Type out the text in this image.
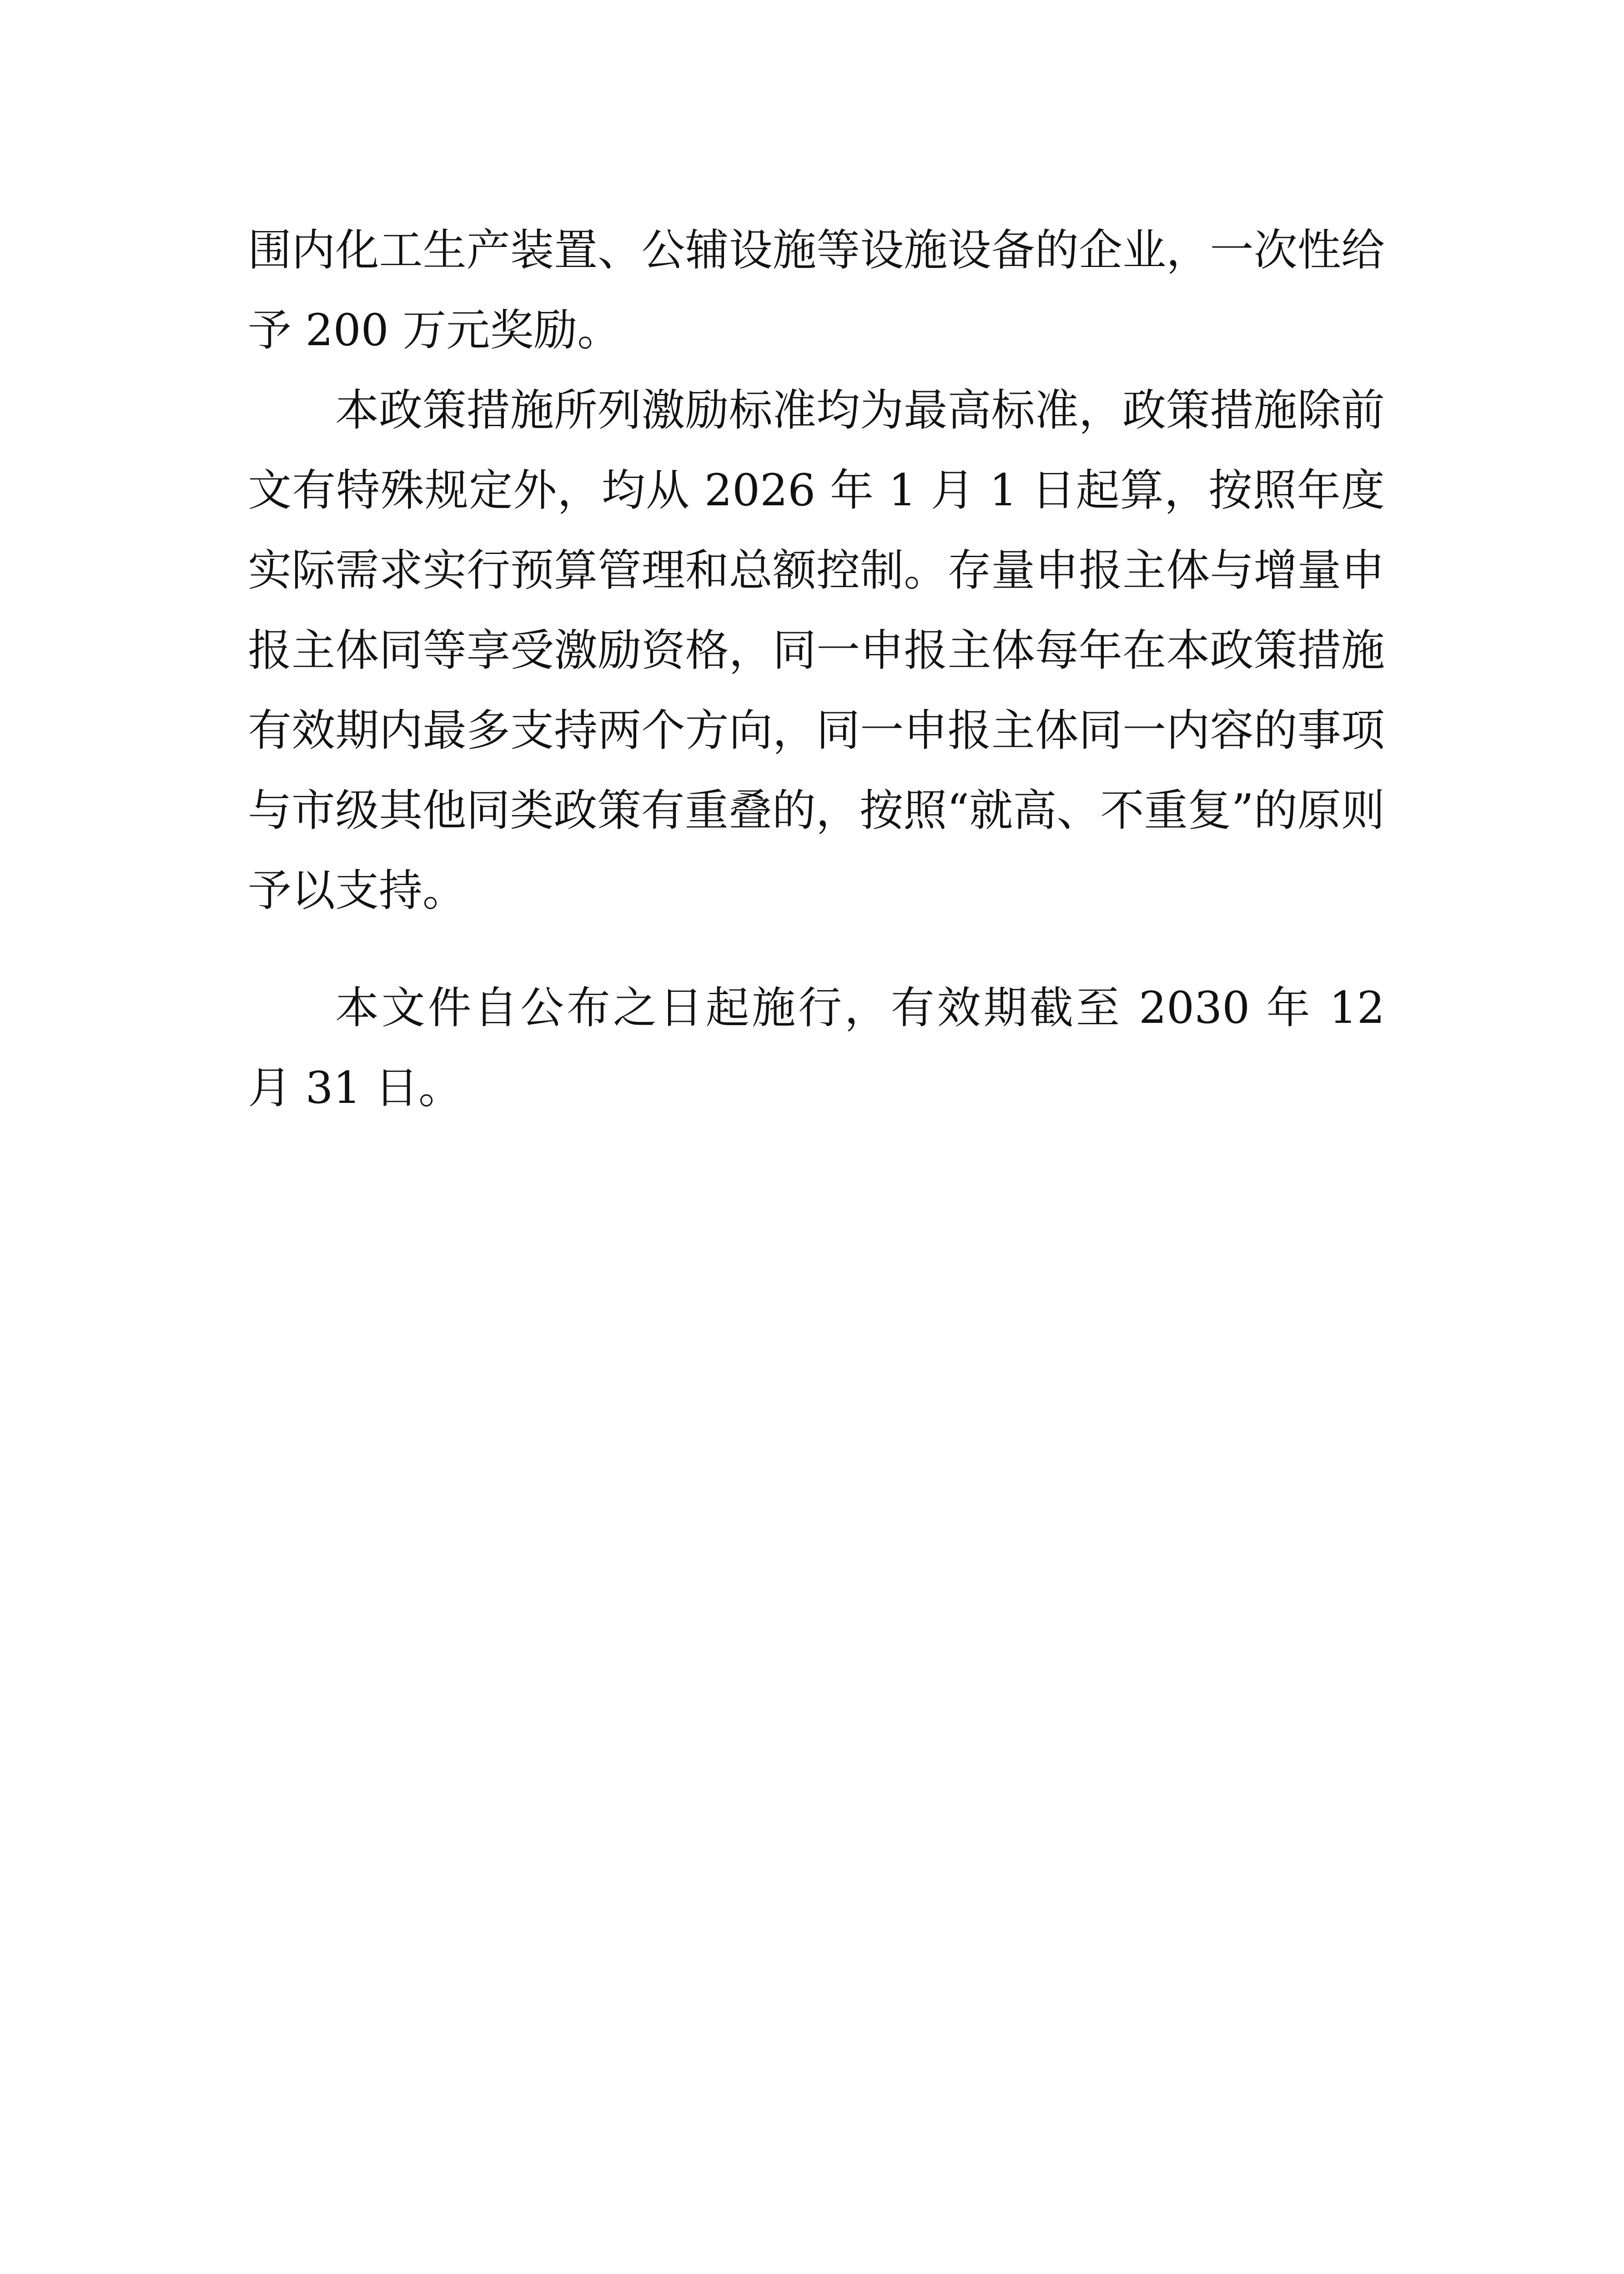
围内化工生产装置、公辅设施等设施设备的企业，一次性给予 200 万元奖励。

本政策措施所列激励标准均为最高标准，政策措施除前文有特殊规定外，均从 2026 年 1 月 1 日起算，按照年度实际需求实行预算管理和总额控制。存量申报主体与增量申报主体同等享受激励资格，同一申报主体每年在本政策措施有效期内最多支持两个方向，同一申报主体同一内容的事项与市级其他同类政策有重叠的，按照“就高、不重复”的原则予以支持。

本文件自公布之日起施行，有效期截至 2030 年 12 月 31 日。
